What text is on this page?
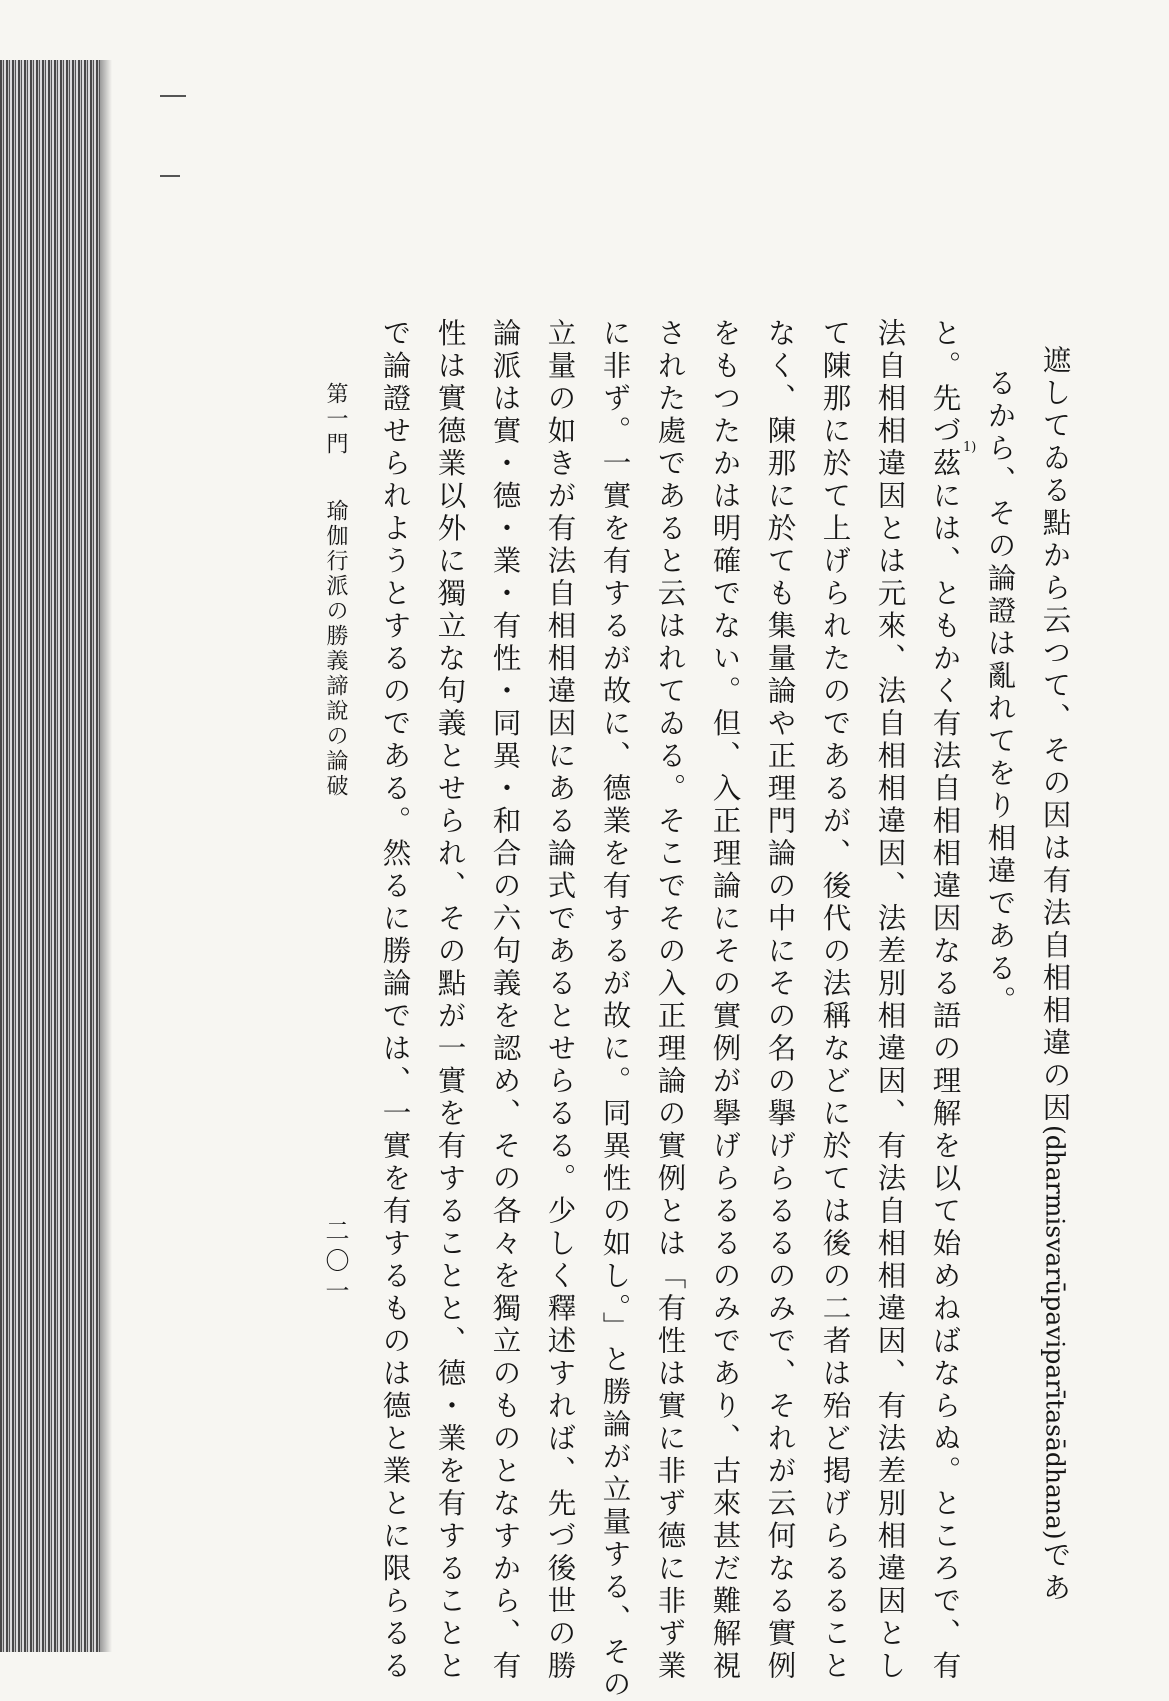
遮してゐる點から云つて、その因は有法自相相違の因(dharmisvarūpaviparītasādhana)であ
るから、その論證は亂れてをり相違である。
と。先づ茲には、ともかく有法自相相違因なる語の理解を以て始めねばならぬ。ところで、有
法自相相違因とは元來、法自相相違因、法差別相違因、有法自相相違因、有法差別相違因とし
て陳那に於て上げられたのであるが、後代の法稱などに於ては後の二者は殆ど掲げらるること
なく、陳那に於ても集量論や正理門論の中にその名の擧げらるるのみで、それが云何なる實例
をもつたかは明確でない。但、入正理論にその實例が擧げらるるのみであり、古來甚だ難解視
された處であると云はれてゐる。そこでその入正理論の實例とは「有性は實に非ず德に非ず業
に非ず。一實を有するが故に、德業を有するが故に。同異性の如し。」と勝論が立量する、その
立量の如きが有法自相相違因にある論式であるとせらるる。少しく釋述すれば、先づ後世の勝
論派は實・德・業・有性・同異・和合の六句義を認め、その各々を獨立のものとなすから、有
性は實德業以外に獨立な句義とせられ、その點が一實を有することと、德・業を有することと
で論證せられようとするのである。然るに勝論では、一實を有するものは德と業とに限らるる	1)
第一門  瑜伽行派の勝義諦說の論破
二〇一
